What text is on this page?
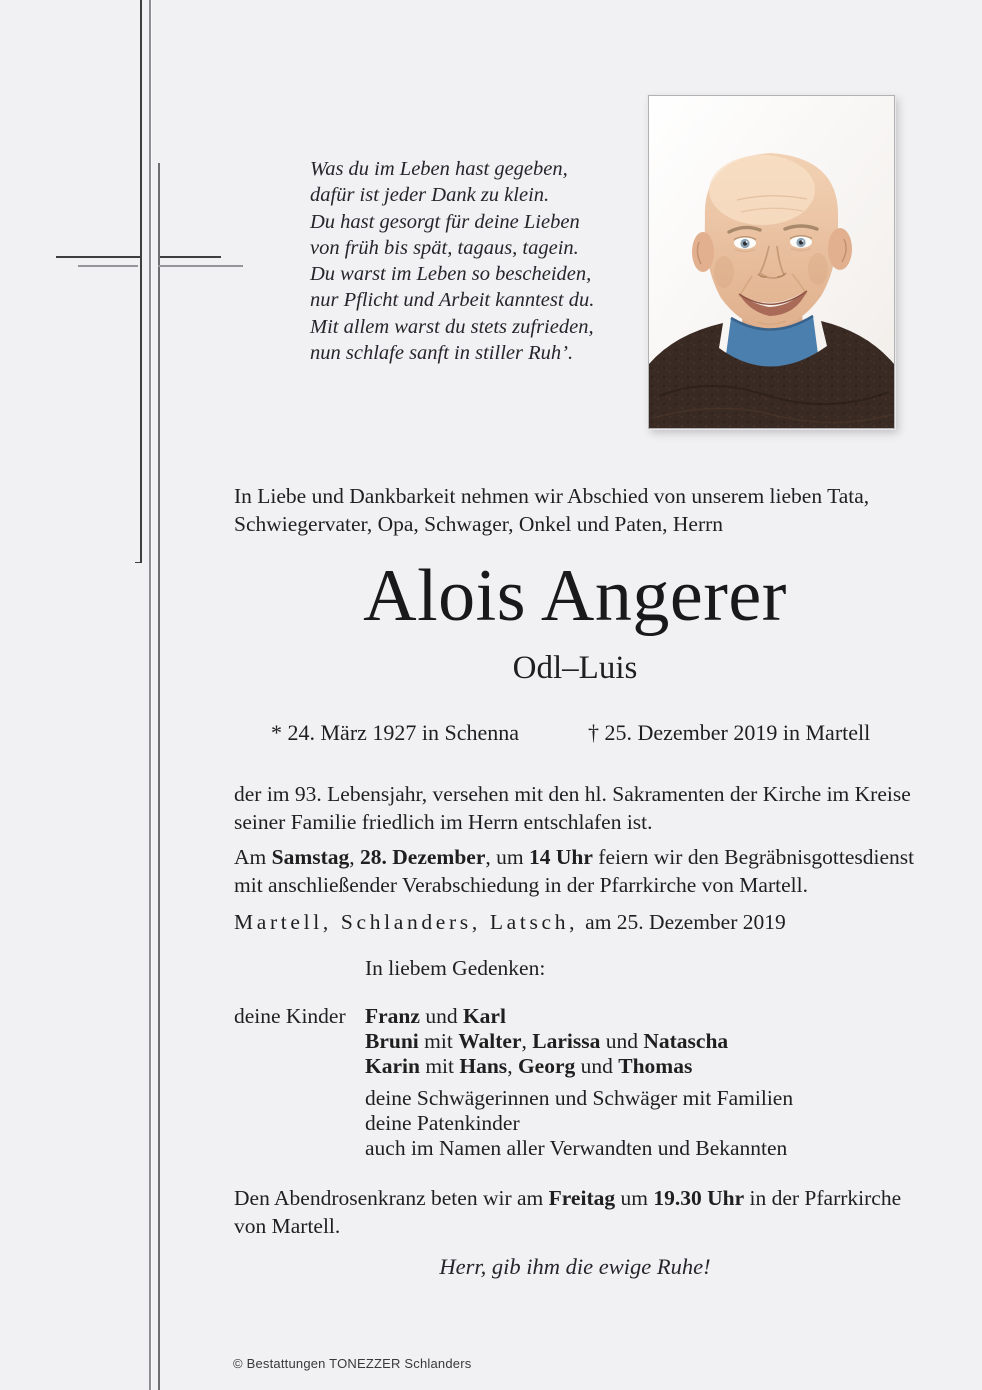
Was du im Leben hast gegeben,
dafür ist jeder Dank zu klein.
Du hast gesorgt für deine Lieben
von früh bis spät, tagaus, tagein.
Du warst im Leben so bescheiden,
nur Pflicht und Arbeit kanntest du.
Mit allem warst du stets zufrieden,
nun schlafe sanft in stiller Ruh’.
In Liebe und Dankbarkeit nehmen wir Abschied von unserem lieben Tata,
Schwiegervater, Opa, Schwager, Onkel und Paten, Herrn
Alois Angerer
Odl–Luis
* 24. März 1927 in Schenna	† 25. Dezember 2019 in Martell
der im 93. Lebensjahr, versehen mit den hl. Sakramenten der Kirche im Kreise
seiner Familie friedlich im Herrn entschlafen ist.
Am Samstag, 28. Dezember, um 14 Uhr feiern wir den Begräbnisgottesdienst
mit anschließender Verabschiedung in der Pfarrkirche von Martell.
Martell, Schlanders, Latsch, am 25. Dezember 2019
In liebem Gedenken:
deine Kinder Franz und Karl
Bruni mit Walter, Larissa und Natascha
Karin mit Hans, Georg und Thomas
deine Schwägerinnen und Schwäger mit Familien
deine Patenkinder
auch im Namen aller Verwandten und Bekannten
Den Abendrosenkranz beten wir am Freitag um 19.30 Uhr in der Pfarrkirche
von Martell.
Herr, gib ihm die ewige Ruhe!
© Bestattungen TONEZZER Schlanders
